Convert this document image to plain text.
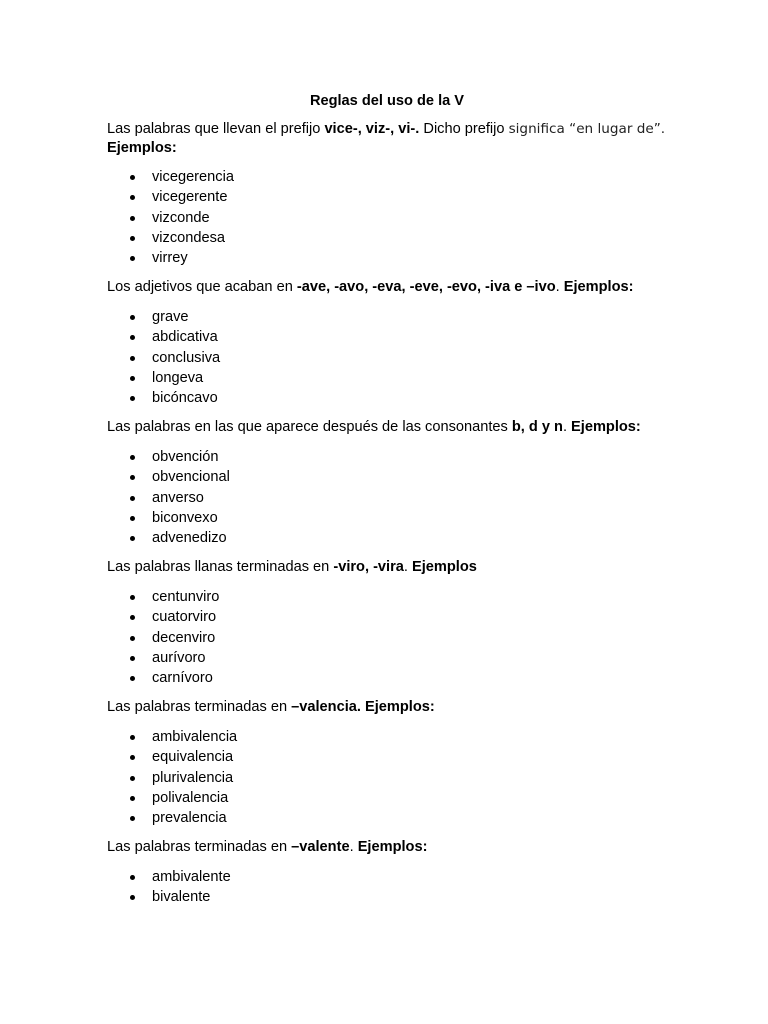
Reglas del uso de la V

Las palabras que llevan el prefijo vice-, viz-, vi-. Dicho prefijo significa “en lugar de”. Ejemplos:

vicegerencia
vicegerente
vizconde
vizcondesa
virrey

Los adjetivos que acaban en -ave, -avo, -eva, -eve, -evo, -iva e –ivo. Ejemplos:

grave
abdicativa
conclusiva
longeva
bicóncavo

Las palabras en las que aparece después de las consonantes b, d y n. Ejemplos:

obvención
obvencional
anverso
biconvexo
advenedizo

Las palabras llanas terminadas en -viro, -vira. Ejemplos

centunviro
cuatorviro
decenviro
aurívoro
carnívoro

Las palabras terminadas en –valencia. Ejemplos:

ambivalencia
equivalencia
plurivalencia
polivalencia
prevalencia

Las palabras terminadas en –valente. Ejemplos:

ambivalente
bivalente
